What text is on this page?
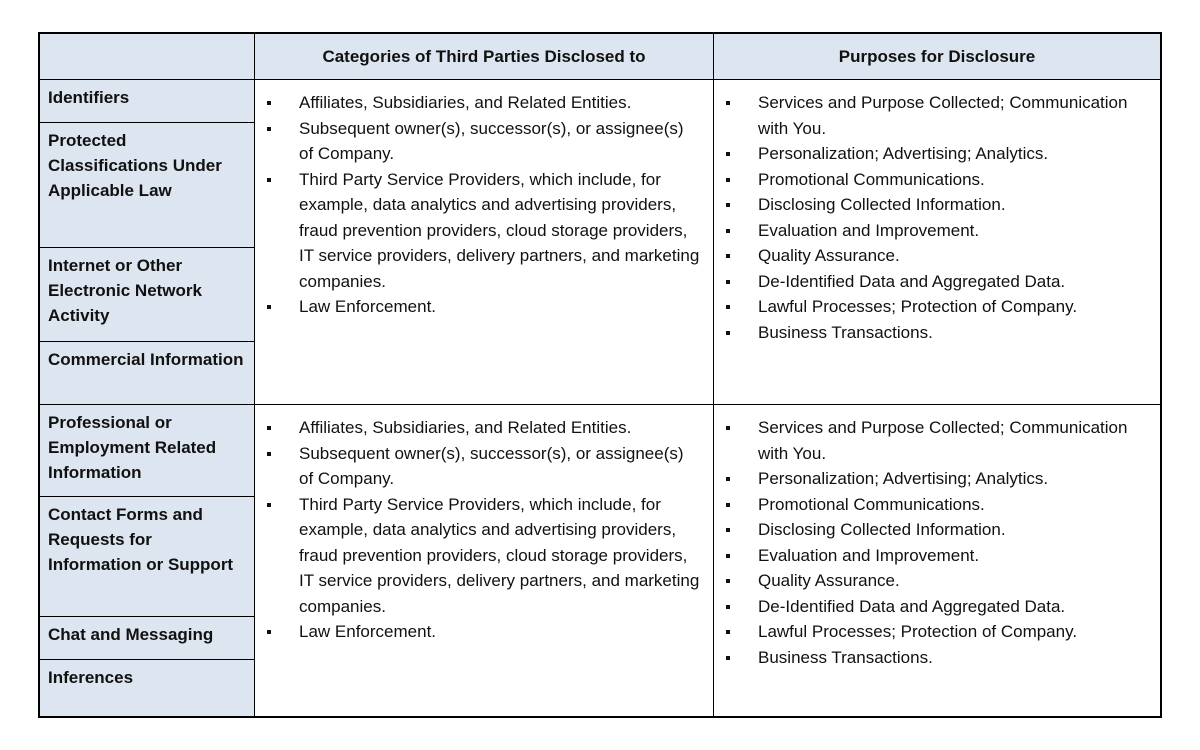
Categories of Third Parties Disclosed to	Purposes for Disclosure
Identifiers
Protected Classifications Under Applicable Law
Internet or Other Electronic Network Activity
Commercial Information
Affiliates, Subsidiaries, and Related Entities.
Subsequent owner(s), successor(s), or assignee(s) of Company.
Third Party Service Providers, which include, for example, data analytics and advertising providers, fraud prevention providers, cloud storage providers, IT service providers, delivery partners, and marketing companies.
Law Enforcement.
Services and Purpose Collected; Communication with You.
Personalization; Advertising; Analytics.
Promotional Communications.
Disclosing Collected Information.
Evaluation and Improvement.
Quality Assurance.
De-Identified Data and Aggregated Data.
Lawful Processes; Protection of Company.
Business Transactions.
Professional or Employment Related Information
Contact Forms and Requests for Information or Support
Chat and Messaging
Inferences
Affiliates, Subsidiaries, and Related Entities.
Subsequent owner(s), successor(s), or assignee(s) of Company.
Third Party Service Providers, which include, for example, data analytics and advertising providers, fraud prevention providers, cloud storage providers, IT service providers, delivery partners, and marketing companies.
Law Enforcement.
Services and Purpose Collected; Communication with You.
Personalization; Advertising; Analytics.
Promotional Communications.
Disclosing Collected Information.
Evaluation and Improvement.
Quality Assurance.
De-Identified Data and Aggregated Data.
Lawful Processes; Protection of Company.
Business Transactions.
